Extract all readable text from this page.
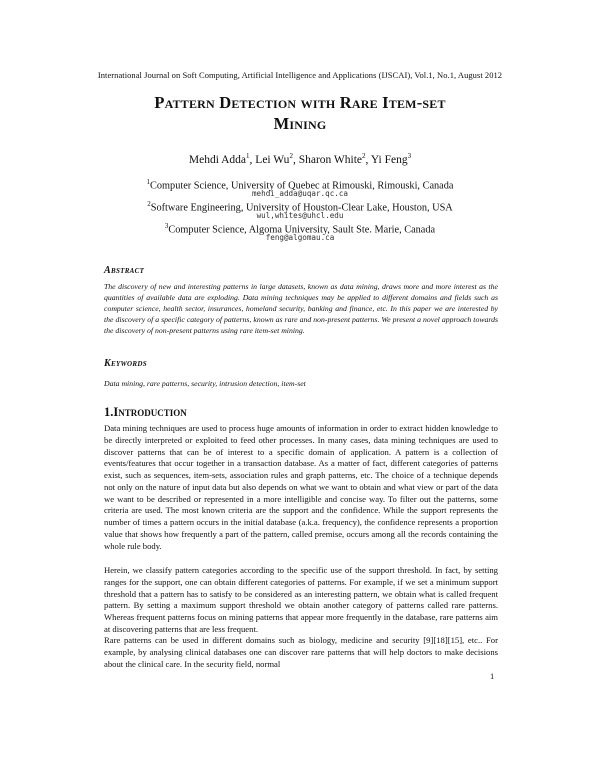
International Journal on Soft Computing, Artificial Intelligence and Applications (IJSCAI), Vol.1, No.1, August 2012
Pattern Detection with Rare Item-set
Mining
Mehdi Adda$^1$, Lei Wu$^2$, Sharon White$^2$, Yi Feng$^3$
$^1$Computer Science, University of Quebec at Rimouski, Rimouski, Canada
mehdi_adda@uqar.qc.ca
$^2$Software Engineering, University of Houston-Clear Lake, Houston, USA
wul,whites@uhcl.edu
$^3$Computer Science, Algoma University, Sault Ste. Marie, Canada
feng@algomau.ca
Abstract

The discovery of new and interesting patterns in large datasets, known as data mining, draws more and more interest as the quantities of available data are exploding. Data mining techniques may be applied to different domains and fields such as computer science, health sector, insurances, homeland security, banking and finance, etc. In this paper we are interested by the discovery of a specific category of patterns, known as rare and non-present patterns. We present a novel approach towards the discovery of non-present patterns using rare item-set mining.

Keywords

Data mining, rare patterns, security, intrusion detection, item-set

1.Introduction

Data mining techniques are used to process huge amounts of information in order to extract hidden knowledge to be directly interpreted or exploited to feed other processes. In many cases, data mining techniques are used to discover patterns that can be of interest to a specific domain of application. A pattern is a collection of events/features that occur together in a transaction database. As a matter of fact, different categories of patterns exist, such as sequences, item-sets, association rules and graph patterns, etc. The choice of a technique depends not only on the nature of input data but also depends on what we want to obtain and what view or part of the data we want to be described or represented in a more intelligible and concise way. To filter out the patterns, some criteria are used. The most known criteria are the support and the confidence. While the support represents the number of times a pattern occurs in the initial database (a.k.a. frequency), the confidence represents a proportion value that shows how frequently a part of the pattern, called premise, occurs among all the records containing the whole rule body.

Herein, we classify pattern categories according to the specific use of the support threshold. In fact, by setting ranges for the support, one can obtain different categories of patterns. For example, if we set a minimum support threshold that a pattern has to satisfy to be considered as an interesting pattern, we obtain what is called frequent pattern. By setting a maximum support threshold we obtain another category of patterns called rare patterns. Whereas frequent patterns focus on mining patterns that appear more frequently in the database, rare patterns aim at discovering patterns that are less frequent.

Rare patterns can be used in different domains such as biology, medicine and security [9][18][15], etc.. For example, by analysing clinical databases one can discover rare patterns that will help doctors to make decisions about the clinical care. In the security field, normal

1
